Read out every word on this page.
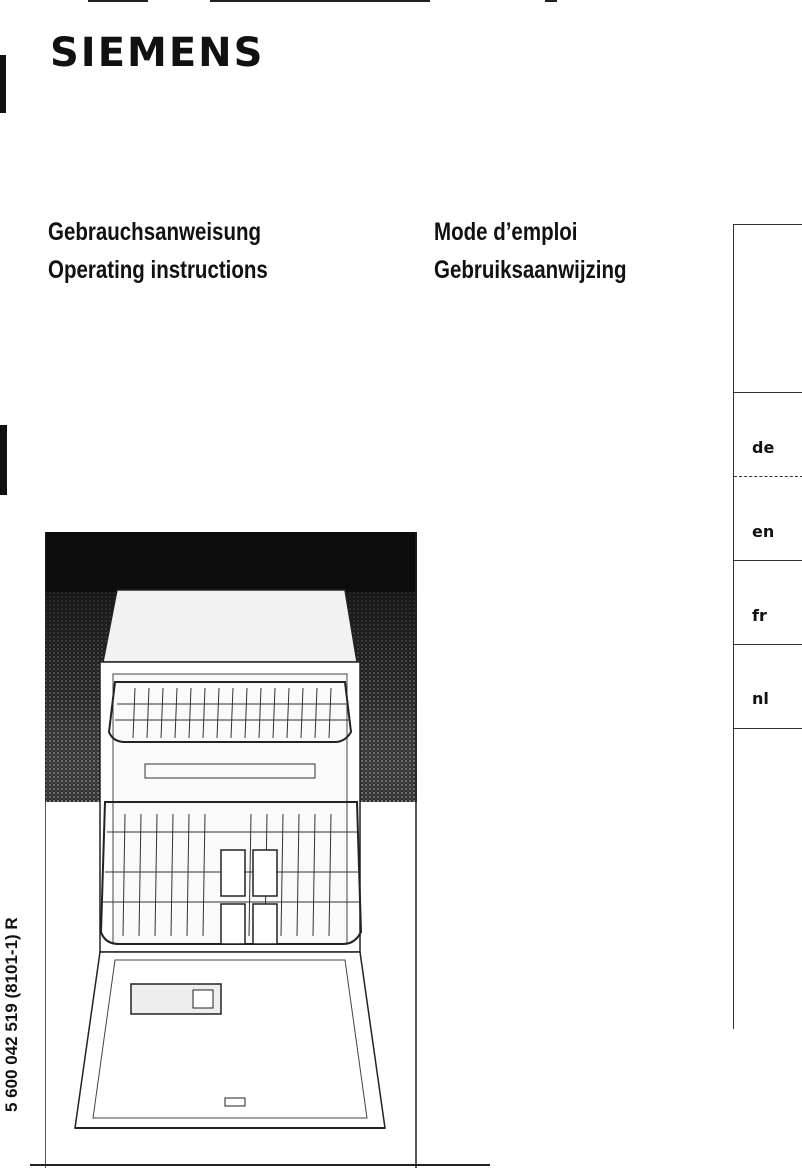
SIEMENS
Gebrauchsanweisung
Operating instructions
Mode d’emploi
Gebruiksaanwijzing
de
en
fr
nl
5 600 042 519 (8101-1) R
